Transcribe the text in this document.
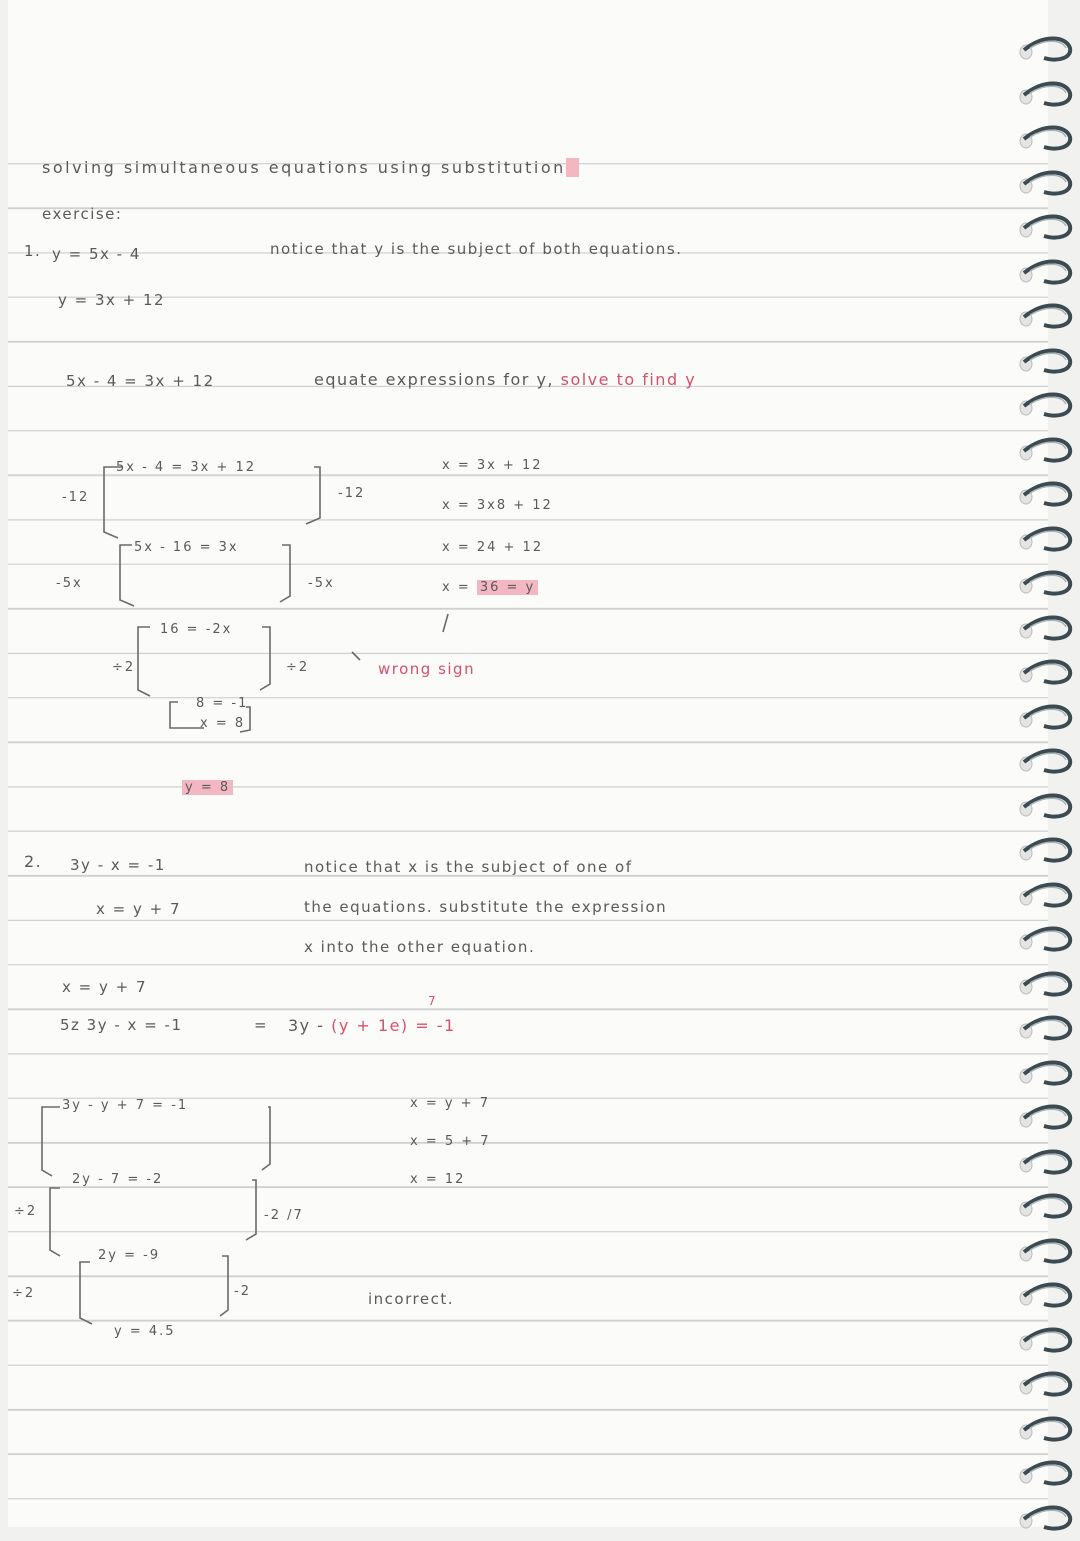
solving simultaneous equations using substitution
exercise:
1. y = 5x - 4
y = 3x + 12
notice that y is the subject of both equations.
5x - 4 = 3x + 12	equate expressions for y, solve to find y
5x - 4 = 3x + 12
-12	-12
5x - 16 = 3x
-5x	-5x
16 = -2x
÷2	÷2
8 = -1
x = 8
y = 8
x = 3x + 12
x = 3x8 + 12
x = 24 + 12
x = 36 = y
wrong sign
2. 3y - x = -1
x = y + 7
notice that x is the subject of one of
the equations. substitute the expression
x into the other equation.
x = y + 7
5z 3y - x = -1	=
7
3y - (y + 1e) = -1
3y - y + 7 = -1
2y - 7 = -2
÷2	-2 /7
2y = -9
÷2	-2
y = 4.5
x = y + 7
x = 5 + 7
x = 12
incorrect.
